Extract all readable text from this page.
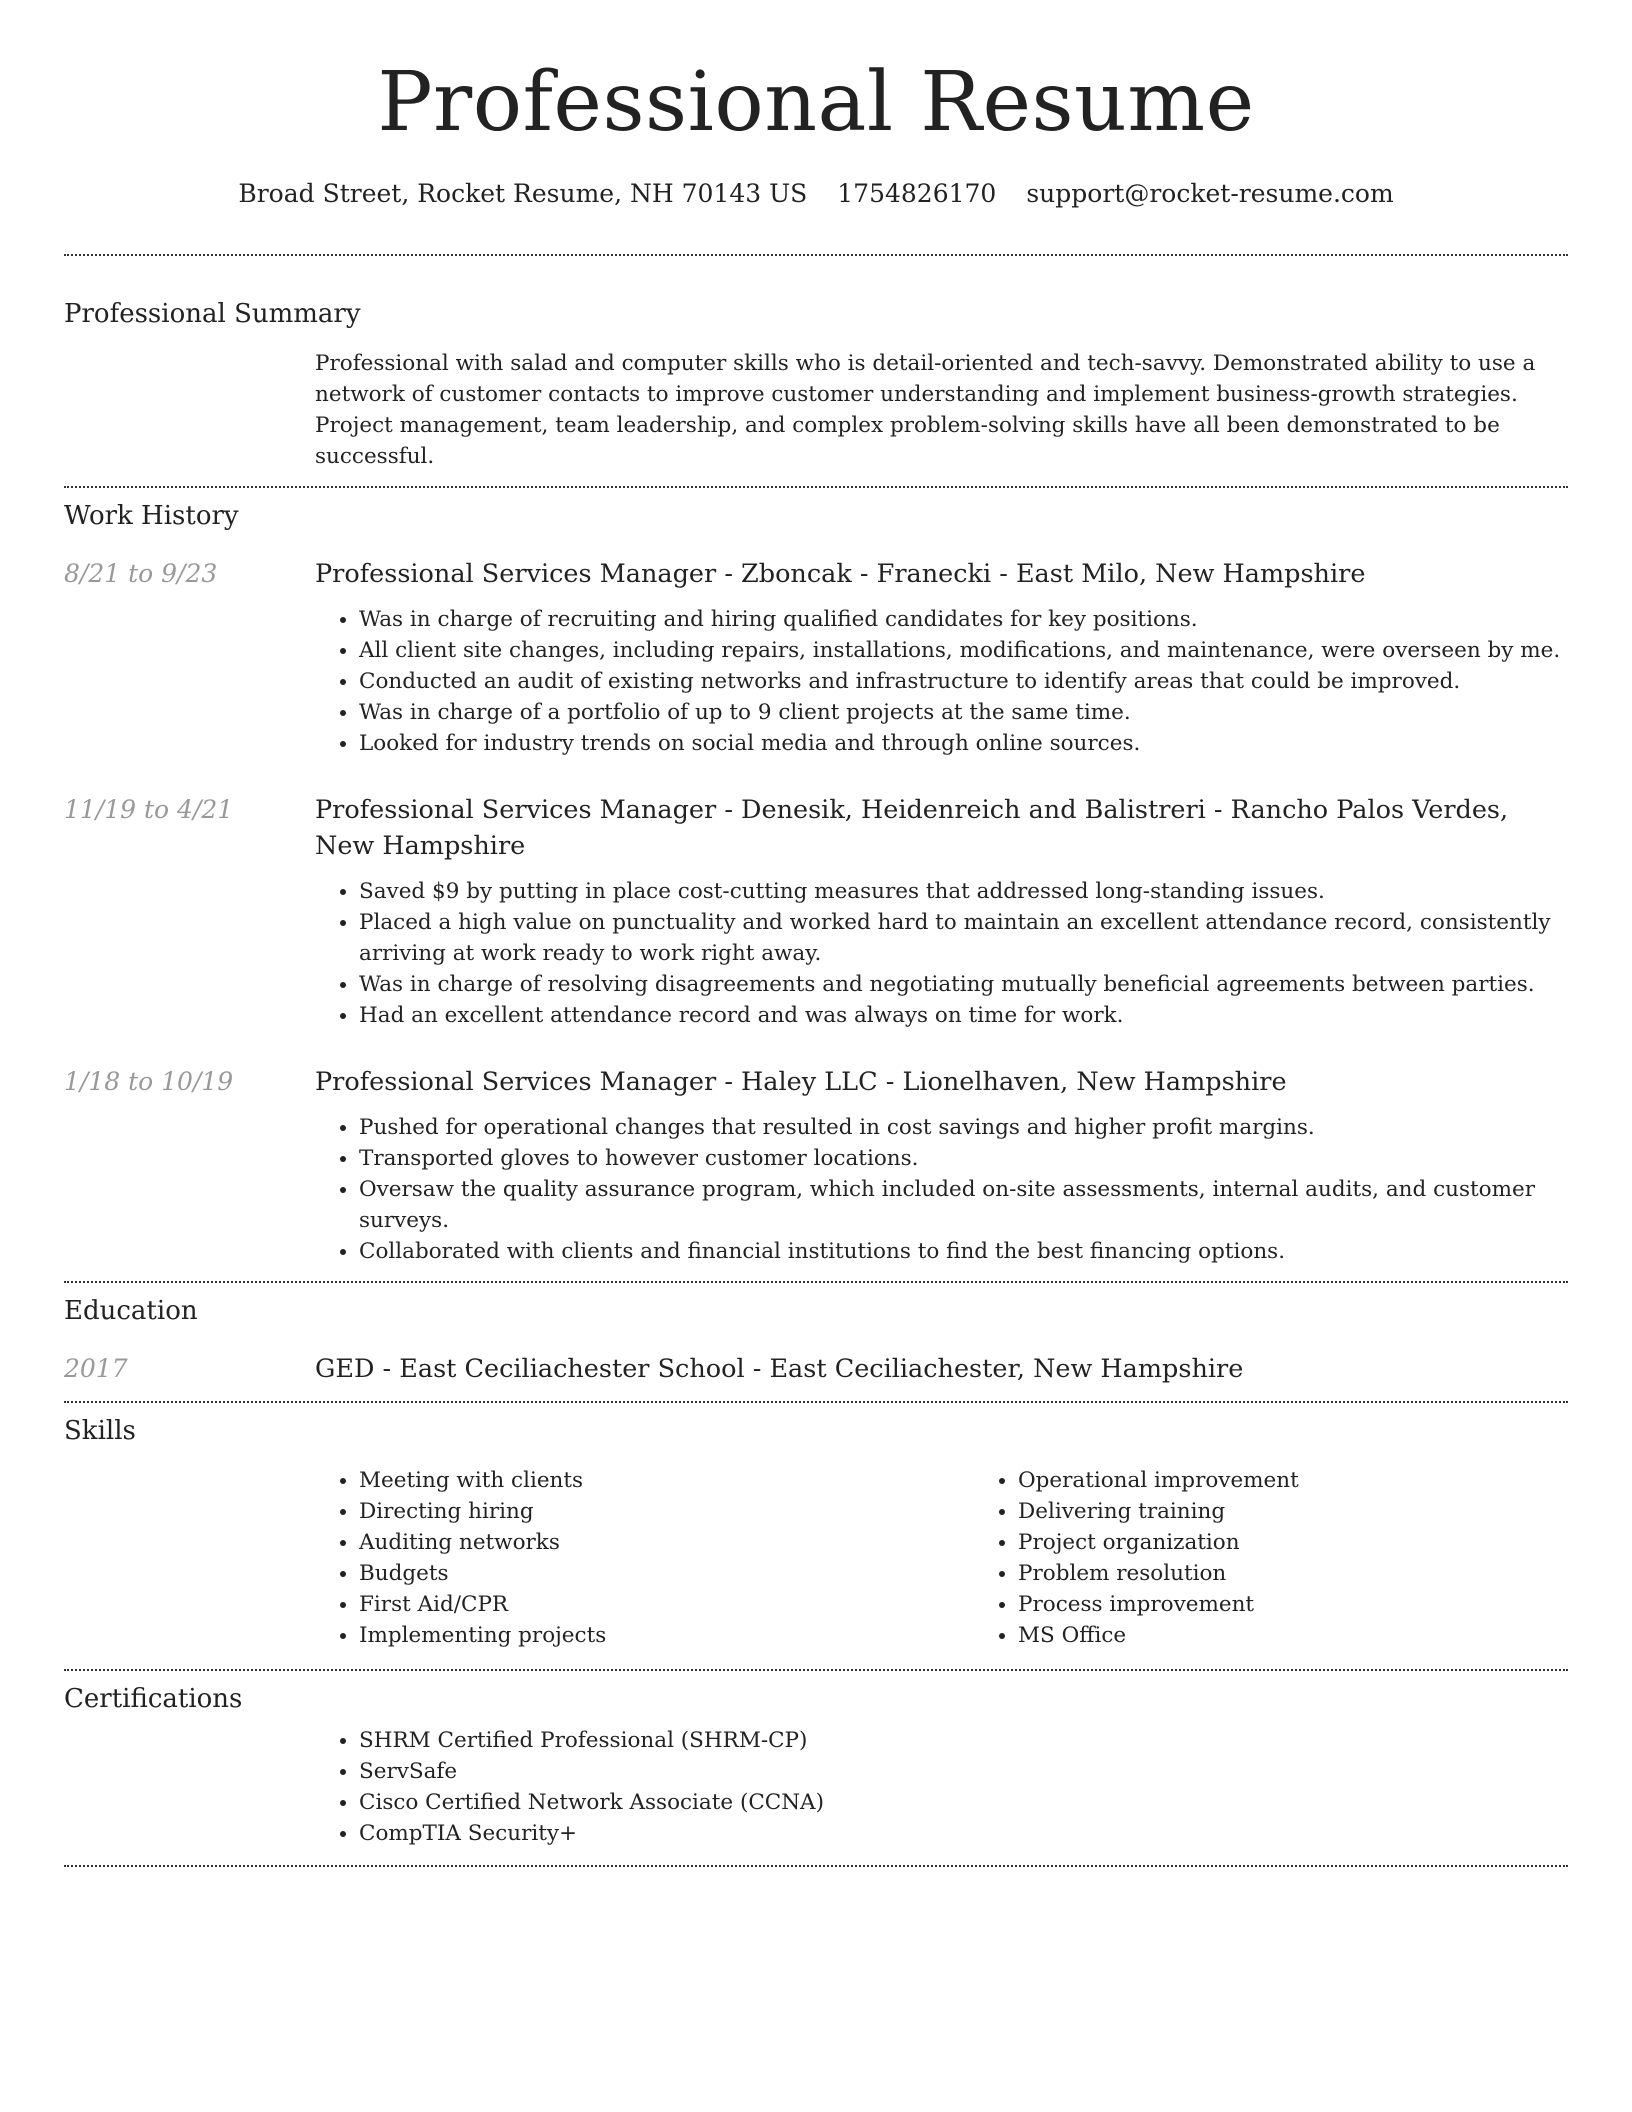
Professional Resume
Broad Street, Rocket Resume, NH 70143 US 1754826170 support@rocket-resume.com
Professional Summary

Professional with salad and computer skills who is detail-oriented and tech-savvy. Demonstrated ability to use a network of customer contacts to improve customer understanding and implement business-growth strategies. Project management, team leadership, and complex problem-solving skills have all been demonstrated to be successful.

Work History
8/21 to 9/23	Professional Services Manager - Zboncak - Franecki - East Milo, New Hampshire
• Was in charge of recruiting and hiring qualified candidates for key positions.
• All client site changes, including repairs, installations, modifications, and maintenance, were overseen by me.
• Conducted an audit of existing networks and infrastructure to identify areas that could be improved.
• Was in charge of a portfolio of up to 9 client projects at the same time.
• Looked for industry trends on social media and through online sources.
11/19 to 4/21	Professional Services Manager - Denesik, Heidenreich and Balistreri - Rancho Palos Verdes, New Hampshire
• Saved $9 by putting in place cost-cutting measures that addressed long-standing issues.
• Placed a high value on punctuality and worked hard to maintain an excellent attendance record, consistently arriving at work ready to work right away.
• Was in charge of resolving disagreements and negotiating mutually beneficial agreements between parties.
• Had an excellent attendance record and was always on time for work.
1/18 to 10/19	Professional Services Manager - Haley LLC - Lionelhaven, New Hampshire
• Pushed for operational changes that resulted in cost savings and higher profit margins.
• Transported gloves to however customer locations.
• Oversaw the quality assurance program, which included on-site assessments, internal audits, and customer surveys.
• Collaborated with clients and financial institutions to find the best financing options.
Education
2017	GED - East Ceciliachester School - East Ceciliachester, New Hampshire
Skills
• Meeting with clients
• Directing hiring
• Auditing networks
• Budgets
• First Aid/CPR
• Implementing projects
• Operational improvement
• Delivering training
• Project organization
• Problem resolution
• Process improvement
• MS Office
Certifications
• SHRM Certified Professional (SHRM-CP)
• ServSafe
• Cisco Certified Network Associate (CCNA)
• CompTIA Security+
